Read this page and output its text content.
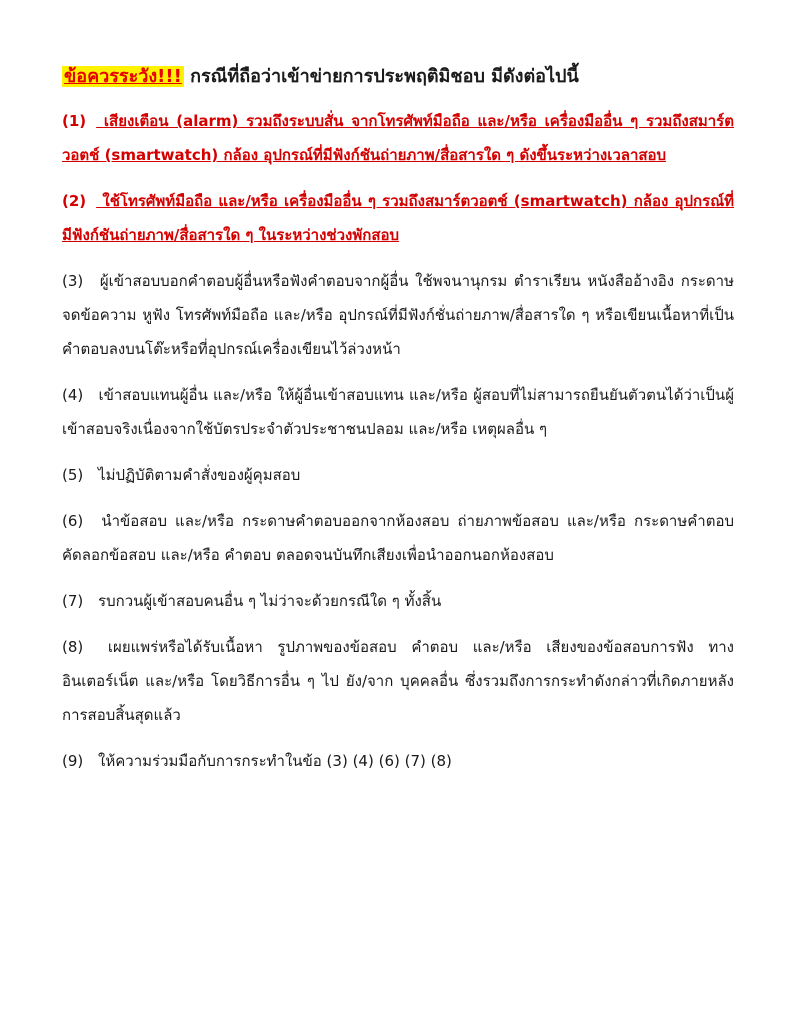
ข้อควรระวัง!!! กรณีที่ถือว่าเข้าข่ายการประพฤติมิชอบ มีดังต่อไปนี้
(1) เสียงเตือน (alarm) รวมถึงระบบสั่น จากโทรศัพท์มือถือ และ/หรือ เครื่องมืออื่น ๆ รวมถึงสมาร์ตวอตช์ (smartwatch) กล้อง อุปกรณ์ที่มีฟังก์ชันถ่ายภาพ/สื่อสารใด ๆ ดังขึ้นระหว่างเวลาสอบ
(2) ใช้โทรศัพท์มือถือ และ/หรือ เครื่องมืออื่น ๆ รวมถึงสมาร์ตวอตช์ (smartwatch) กล้อง อุปกรณ์ที่มีฟังก์ชันถ่ายภาพ/สื่อสารใด ๆ ในระหว่างช่วงพักสอบ
(3) ผู้เข้าสอบบอกคำตอบผู้อื่นหรือฟังคำตอบจากผู้อื่น ใช้พจนานุกรม ตำราเรียน หนังสืออ้างอิง กระดาษจดข้อความ หูฟัง โทรศัพท์มือถือ และ/หรือ อุปกรณ์ที่มีฟังก์ชั่นถ่ายภาพ/สื่อสารใด ๆ หรือเขียนเนื้อหาที่เป็นคำตอบลงบนโต๊ะหรือที่อุปกรณ์เครื่องเขียนไว้ล่วงหน้า
(4) เข้าสอบแทนผู้อื่น และ/หรือ ให้ผู้อื่นเข้าสอบแทน และ/หรือ ผู้สอบที่ไม่สามารถยืนยันตัวตนได้ว่าเป็นผู้เข้าสอบจริงเนื่องจากใช้บัตรประจำตัวประชาชนปลอม และ/หรือ เหตุผลอื่น ๆ
(5) ไม่ปฏิบัติตามคำสั่งของผู้คุมสอบ
(6) นำข้อสอบ และ/หรือ กระดาษคำตอบออกจากห้องสอบ ถ่ายภาพข้อสอบ และ/หรือ กระดาษคำตอบ คัดลอกข้อสอบ และ/หรือ คำตอบ ตลอดจนบันทึกเสียงเพื่อนำออกนอกห้องสอบ
(7) รบกวนผู้เข้าสอบคนอื่น ๆ ไม่ว่าจะด้วยกรณีใด ๆ ทั้งสิ้น
(8) เผยแพร่หรือได้รับเนื้อหา รูปภาพของข้อสอบ คำตอบ และ/หรือ เสียงของข้อสอบการฟัง ทางอินเตอร์เน็ต และ/หรือ โดยวิธีการอื่น ๆ ไป ยัง/จาก บุคคลอื่น ซึ่งรวมถึงการกระทำดังกล่าวที่เกิดภายหลังการสอบสิ้นสุดแล้ว
(9) ให้ความร่วมมือกับการกระทำในข้อ (3) (4) (6) (7) (8)
